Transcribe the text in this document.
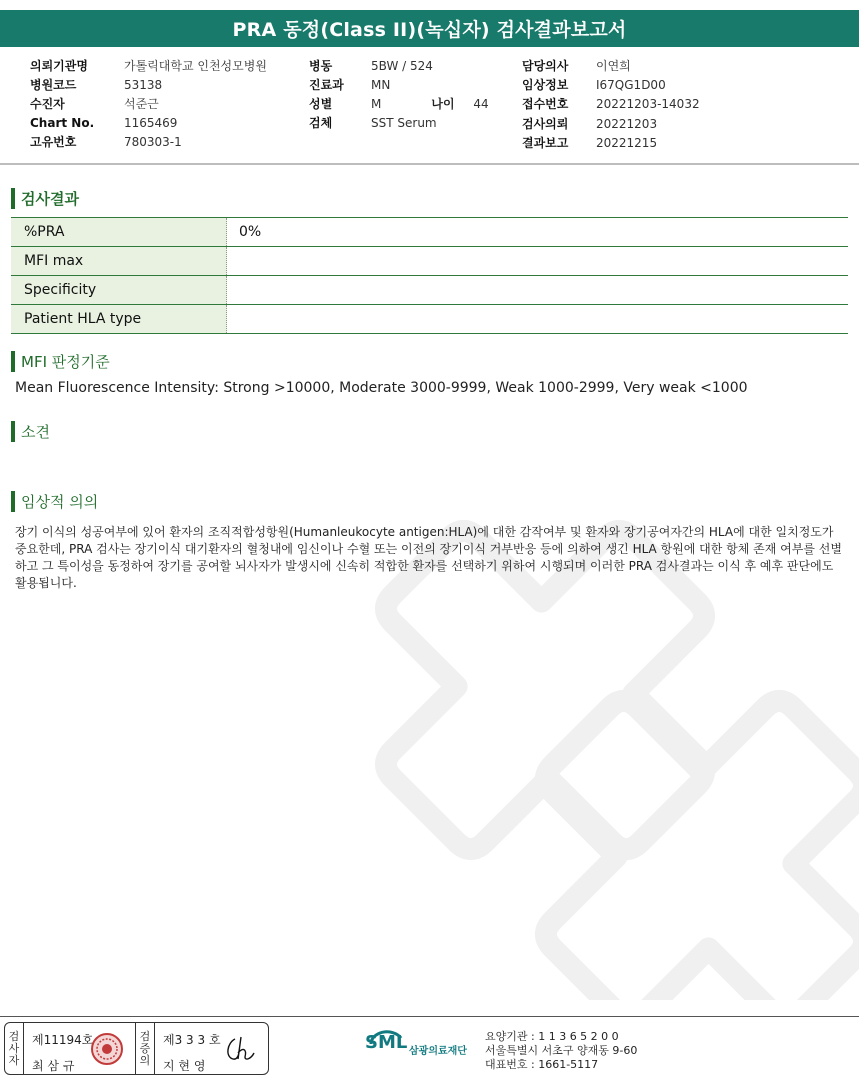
PRA 동정(Class II)(녹십자) 검사결과보고서
의뢰기관명	가톨릭대학교 인천성모병원
병원코드	53138
수진자	석준근
Chart No.	1165469
고유번호	780303-1
병동	5BW / 524
진료과	MN
성별	M	나이	44
검체	SST Serum
담당의사	이연희
임상정보	I67QG1D00
접수번호	20221203-14032
검사의뢰	20221203
결과보고	20221215
검사결과
%PRA	0%
MFI max
Specificity
Patient HLA type
MFI 판정기준
Mean Fluorescence Intensity: Strong >10000, Moderate 3000-9999, Weak 1000-2999, Very weak <1000
소견
임상적 의의
장기 이식의 성공여부에 있어 환자의 조직적합성항원(Humanleukocyte antigen:HLA)에 대한 감작여부 및 환자와 장기공여자간의 HLA에 대한 일치정도가 중요한데, PRA 검사는 장기이식 대기환자의 혈청내에 임신이나 수혈 또는 이전의 장기이식 거부반응 등에 의하여 생긴 HLA 항원에 대한 항체 존재 여부를 선별하고 그 특이성을 동정하여 장기를 공여할 뇌사자가 발생시에 신속히 적합한 환자를 선택하기 위하여 시행되며 이러한 PRA 검사결과는 이식 후 예후 판단에도 활용됩니다.
검
사
자
제11194호
최 삼 규
검
증
의
제3 3 3 호
지 현 영
SML 삼광의료재단
요양기관 : 1 1 3 6 5 2 0 0
서울특별시 서초구 양재동 9-60
대표번호 : 1661-5117
